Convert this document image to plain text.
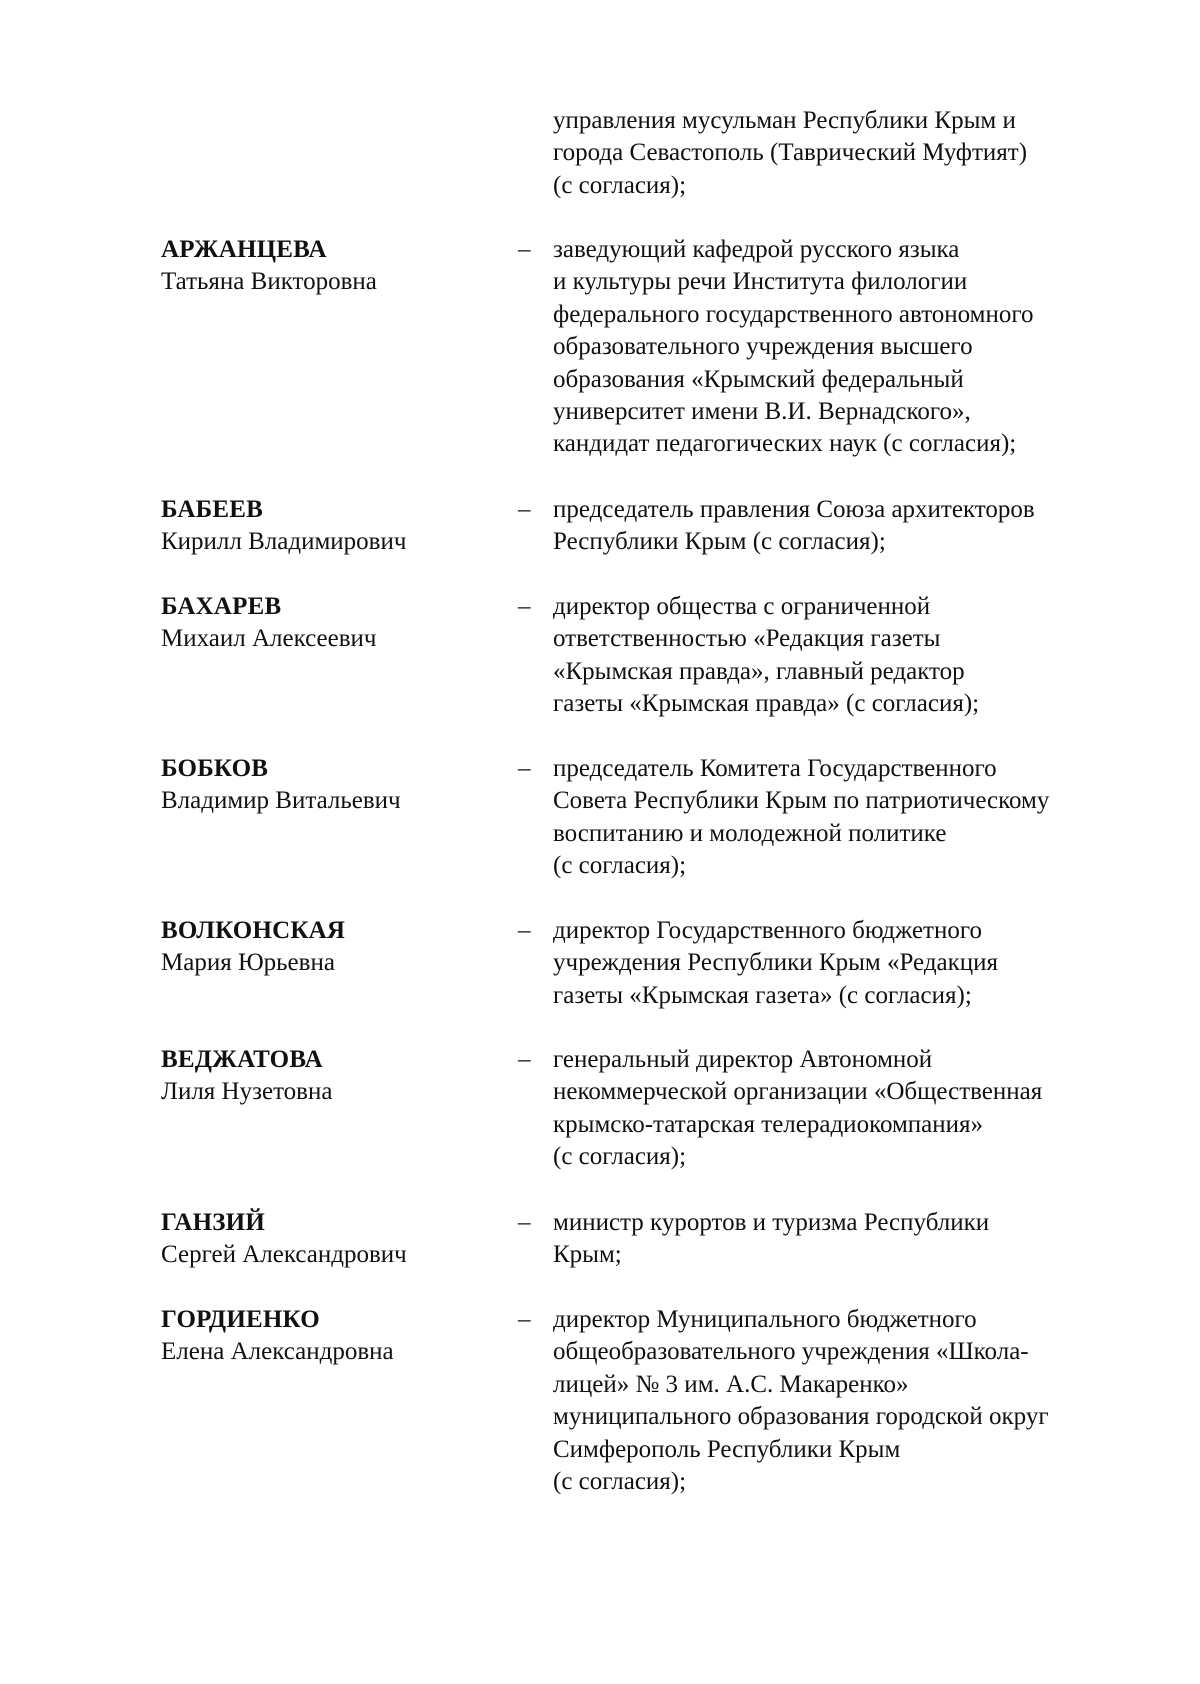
управления мусульман Республики Крым и
города Севастополь (Таврический Муфтият)
(с согласия);
АРЖАНЦЕВА
Татьяна Викторовна
– заведующий кафедрой русского языка
и культуры речи Института филологии
федерального государственного автономного
образовательного учреждения высшего
образования «Крымский федеральный
университет имени В.И. Вернадского»,
кандидат педагогических наук (с согласия);
БАБЕЕВ
Кирилл Владимирович
– председатель правления Союза архитекторов
Республики Крым (с согласия);
БАХАРЕВ
Михаил Алексеевич
– директор общества с ограниченной
ответственностью «Редакция газеты
«Крымская правда», главный редактор
газеты «Крымская правда» (с согласия);
БОБКОВ
Владимир Витальевич
– председатель Комитета Государственного
Совета Республики Крым по патриотическому
воспитанию и молодежной политике
(с согласия);
ВОЛКОНСКАЯ
Мария Юрьевна
– директор Государственного бюджетного
учреждения Республики Крым «Редакция
газеты «Крымская газета» (с согласия);
ВЕДЖАТОВА
Лиля Нузетовна
– генеральный директор Автономной
некоммерческой организации «Общественная
крымско-татарская телерадиокомпания»
(с согласия);
ГАНЗИЙ
Сергей Александрович
– министр курортов и туризма Республики
Крым;
ГОРДИЕНКО
Елена Александровна
– директор Муниципального бюджетного
общеобразовательного учреждения «Школа-
лицей» № 3 им. А.С. Макаренко»
муниципального образования городской округ
Симферополь Республики Крым
(с согласия);
